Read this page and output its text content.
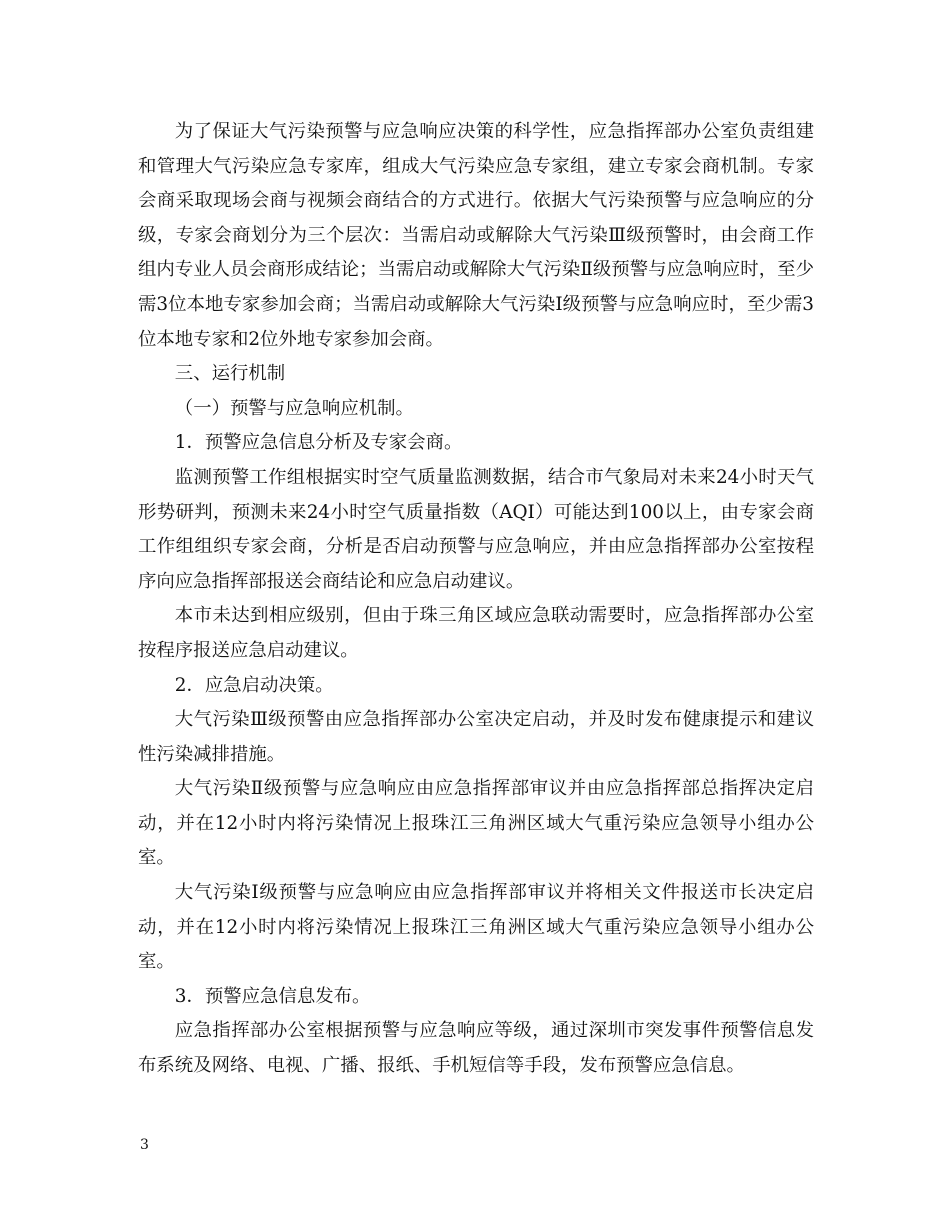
为了保证大气污染预警与应急响应决策的科学性，应急指挥部办公室负责组建和管理大气污染应急专家库，组成大气污染应急专家组，建立专家会商机制。专家会商采取现场会商与视频会商结合的方式进行。依据大气污染预警与应急响应的分级，专家会商划分为三个层次：当需启动或解除大气污染Ⅲ级预警时，由会商工作组内专业人员会商形成结论；当需启动或解除大气污染Ⅱ级预警与应急响应时，至少需3位本地专家参加会商；当需启动或解除大气污染Ⅰ级预警与应急响应时，至少需3位本地专家和2位外地专家参加会商。

三、运行机制

（一）预警与应急响应机制。

1．预警应急信息分析及专家会商。

监测预警工作组根据实时空气质量监测数据，结合市气象局对未来24小时天气形势研判，预测未来24小时空气质量指数（AQI）可能达到100以上，由专家会商工作组组织专家会商，分析是否启动预警与应急响应，并由应急指挥部办公室按程序向应急指挥部报送会商结论和应急启动建议。

本市未达到相应级别，但由于珠三角区域应急联动需要时，应急指挥部办公室按程序报送应急启动建议。

2．应急启动决策。

大气污染Ⅲ级预警由应急指挥部办公室决定启动，并及时发布健康提示和建议性污染减排措施。

大气污染Ⅱ级预警与应急响应由应急指挥部审议并由应急指挥部总指挥决定启动，并在12小时内将污染情况上报珠江三角洲区域大气重污染应急领导小组办公室。

大气污染Ⅰ级预警与应急响应由应急指挥部审议并将相关文件报送市长决定启动，并在12小时内将污染情况上报珠江三角洲区域大气重污染应急领导小组办公室。

3．预警应急信息发布。

应急指挥部办公室根据预警与应急响应等级，通过深圳市突发事件预警信息发布系统及网络、电视、广播、报纸、手机短信等手段，发布预警应急信息。

3
